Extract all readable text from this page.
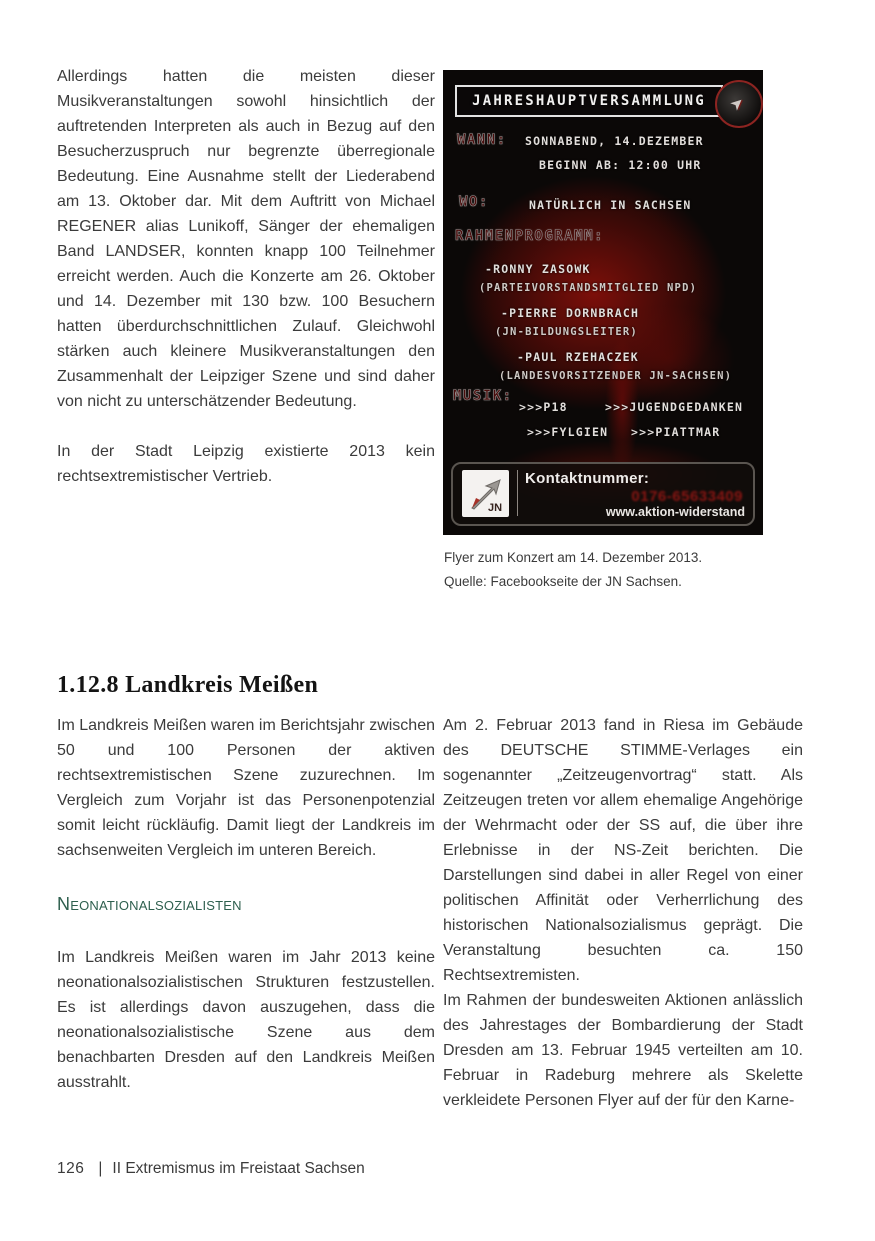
Allerdings hatten die meisten dieser Musikveranstaltungen sowohl hinsichtlich der auftretenden Interpreten als auch in Bezug auf den Besucherzuspruch nur begrenzte überregionale Bedeutung. Eine Ausnahme stellt der Liederabend am 13. Oktober dar. Mit dem Auftritt von Michael REGENER alias Lunikoff, Sänger der ehemaligen Band LANDSER, konnten knapp 100 Teilnehmer erreicht werden. Auch die Konzerte am 26. Oktober und 14. Dezember mit 130 bzw. 100 Besuchern hatten überdurchschnittlichen Zulauf. Gleichwohl stärken auch kleinere Musikveranstaltungen den Zusammenhalt der Leipziger Szene und sind daher von nicht zu unterschätzender Bedeutung.

In der Stadt Leipzig existierte 2013 kein rechtsextremistischer Vertrieb.

JAHRESHAUPTVERSAMMLUNG ➤
WANN: SONNABEND, 14.DEZEMBER
BEGINN AB: 12:00 UHR
WO:	NATÜRLICH IN SACHSEN
RAHMENPROGRAMM:
-RONNY ZASOWK
(PARTEIVORSTANDSMITGLIED NPD)
-PIERRE DORNBRACH
(JN-BILDUNGSLEITER)
-PAUL RZEHACZEK
(LANDESVORSITZENDER JN-SACHSEN)
MUSIK:
>>>P18	>>>JUGENDGEDANKEN
>>>FYLGIEN >>>PIATTMAR
JN
Kontaktnummer:
0176-65633409
www.aktion-widerstand
Flyer zum Konzert am 14. Dezember 2013.
Quelle: Facebookseite der JN Sachsen.
1.12.8 Landkreis Meißen

Im Landkreis Meißen waren im Berichtsjahr zwischen 50 und 100 Personen der aktiven rechtsextremistischen Szene zuzurechnen. Im Vergleich zum Vorjahr ist das Personenpotenzial somit leicht rückläufig. Damit liegt der Landkreis im sachsenweiten Vergleich im unteren Bereich.

Neonationalsozialisten

Im Landkreis Meißen waren im Jahr 2013 keine neonationalsozialistischen Strukturen festzustellen. Es ist allerdings davon auszugehen, dass die neonationalsozialistische Szene aus dem benachbarten Dresden auf den Landkreis Meißen ausstrahlt.

Am 2. Februar 2013 fand in Riesa im Gebäude des DEUTSCHE STIMME-Verlages ein sogenannter „Zeitzeugenvortrag“ statt. Als Zeitzeugen treten vor allem ehemalige Angehörige der Wehrmacht oder der SS auf, die über ihre Erlebnisse in der NS-Zeit berichten. Die Darstellungen sind dabei in aller Regel von einer politischen Affinität oder Verherrlichung des historischen Nationalsozialismus geprägt. Die Veranstaltung besuchten ca. 150 Rechtsextremisten.

Im Rahmen der bundesweiten Aktionen anlässlich des Jahrestages der Bombardierung der Stadt Dresden am 13. Februar 1945 verteilten am 10. Februar in Radeburg mehrere als Skelette verkleidete Personen Flyer auf der für den Karne-

126 | II Extremismus im Freistaat Sachsen
